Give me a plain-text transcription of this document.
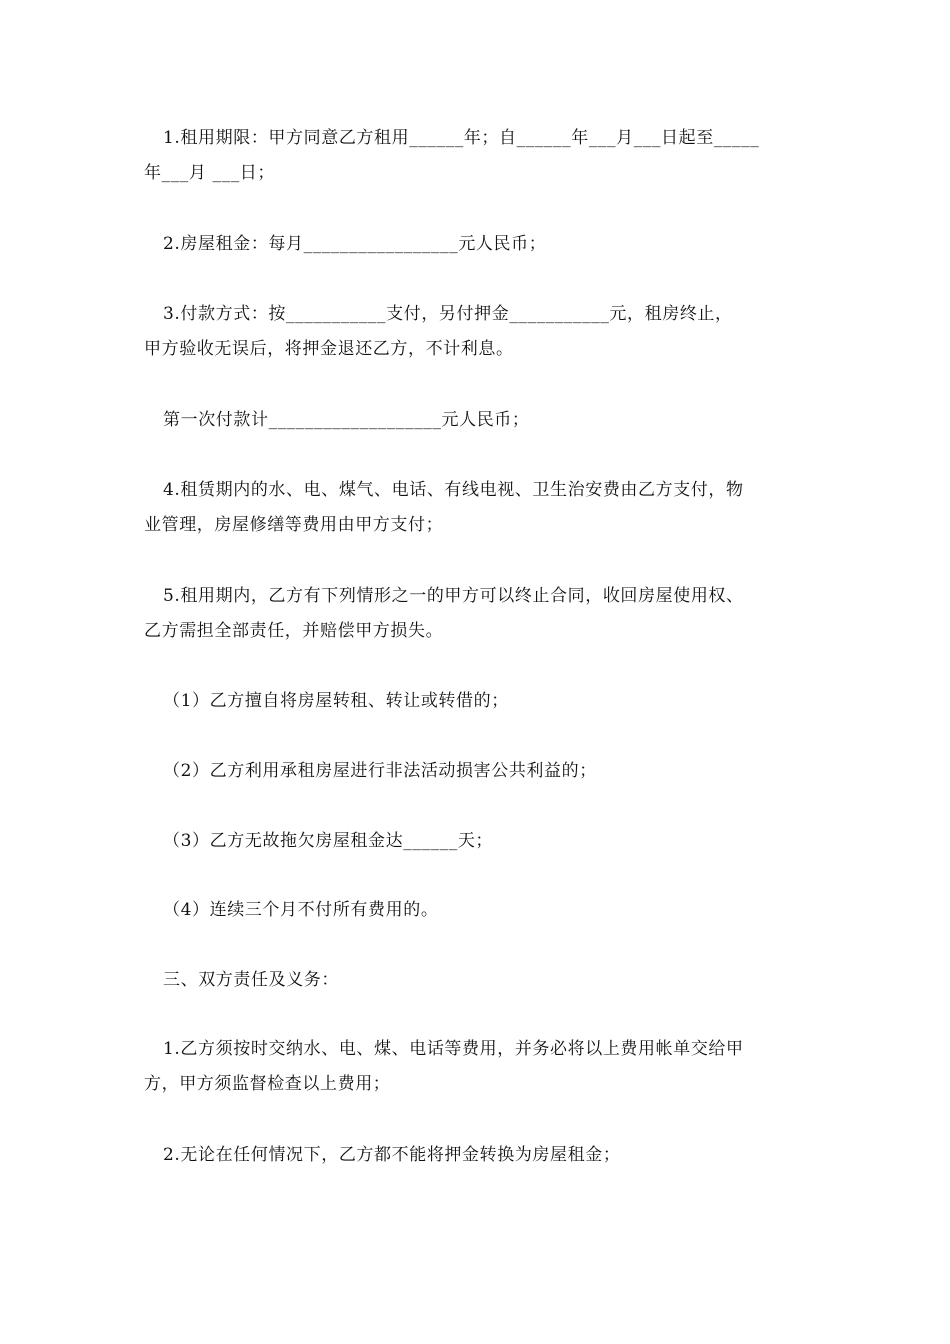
1.租用期限：甲方同意乙方租用______年；自______年___月___日起至_____
年___月 ___日；
2.房屋租金：每月_________________元人民币；
3.付款方式：按___________支付，另付押金___________元，租房终止，
甲方验收无误后，将押金退还乙方，不计利息。
第一次付款计___________________元人民币；
4.租赁期内的水、电、煤气、电话、有线电视、卫生治安费由乙方支付，物
业管理，房屋修缮等费用由甲方支付；
5.租用期内，乙方有下列情形之一的甲方可以终止合同，收回房屋使用权、
乙方需担全部责任，并赔偿甲方损失。
（1）乙方擅自将房屋转租、转让或转借的；
（2）乙方利用承租房屋进行非法活动损害公共利益的；
（3）乙方无故拖欠房屋租金达______天；
（4）连续三个月不付所有费用的。
三、双方责任及义务：
1.乙方须按时交纳水、电、煤、电话等费用，并务必将以上费用帐单交给甲
方，甲方须监督检查以上费用；
2.无论在任何情况下，乙方都不能将押金转换为房屋租金；
